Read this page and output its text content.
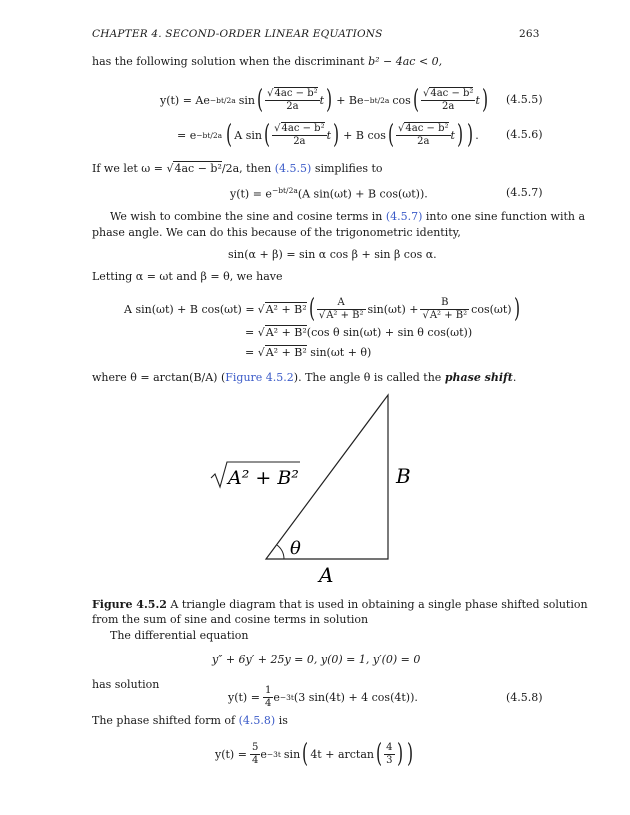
CHAPTER 4. SECOND-ORDER LINEAR EQUATIONS	263
has the following solution when the discriminant b² − 4ac < 0,
y(t) = Ae −bt/2a sin ( $\frac{\text{√4ac − b²}}{2a}$ t ) + Be −bt/2a cos ( $\frac{\text{√4ac − b²}}{2a}$ t ) (4.5.5)
= e −bt/2a ( A sin ( $\frac{\text{√4ac − b²}}{2a}$ t ) + B cos ( $\frac{\text{√4ac − b²}}{2a}$ t ) ) . (4.5.6)
If we let ω = √4ac − b²/2a, then (4.5.5) simplifies to
$y(t) = e^{-bt/2a}(A$ sin(ωt) + B cos(ωt)).	(4.5.7)
We wish to combine the sine and cosine terms in (4.5.7) into one sine function with a
phase angle. We can do this because of the trigonometric identity,
sin(α + β) = sin α cos β + sin β cos α.
Letting α = ωt and β = θ, we have
A sin(ωt) + B cos(ωt) = √A² + B² ( $\frac{A}{\text{√A² + B²}} \sin(\omega t) + \frac{B}{\text{√A² + B²}} \cos(\omega t)$ )
= √A² + B²(cos θ sin(ωt) + sin θ cos(ωt))
= √A² + B² sin(ωt + θ)
where θ = arctan(B/A) (Figure 4.5.2). The angle θ is called the phase shift.
θ
B
A
A² + B²
Figure 4.5.2 A triangle diagram that is used in obtaining a single phase shifted solution
from the sum of sine and cosine terms in solution
The differential equation
y″ + 6y′ + 25y = 0, y(0) = 1, y′(0) = 0
has solution
$y(t) = \frac{1}{4}$ e −3t (3 sin(4t) + 4 cos(4t)).	(4.5.8)
The phase shifted form of (4.5.8) is
$y(t) = \frac{5}{4}$ e −3t sin ( 4t + arctan ( $\frac{4}{3}$ ) )
